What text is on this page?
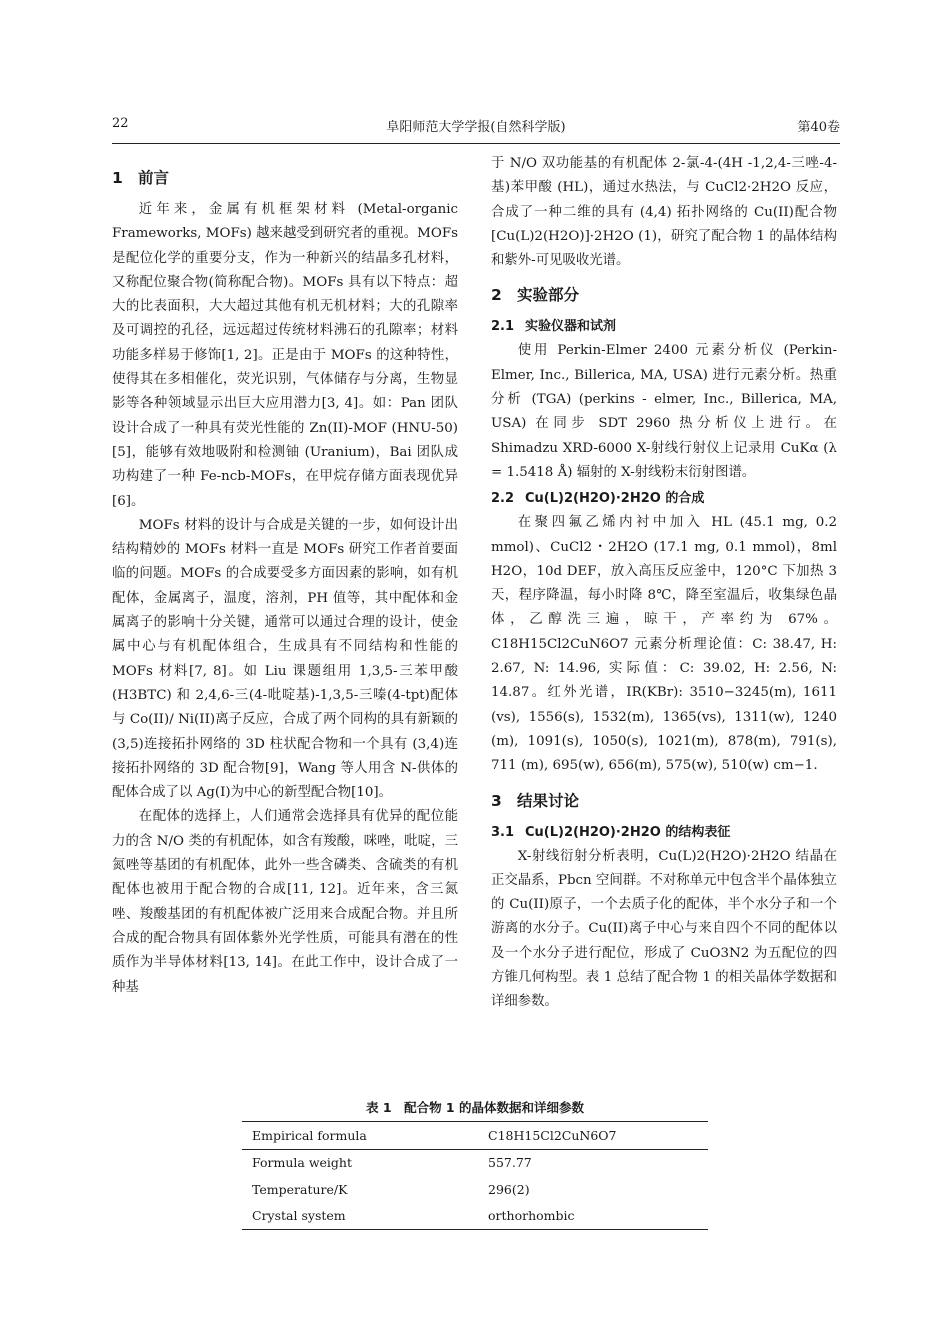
22	阜阳师范大学学报(自然科学版)	第40卷
1 前言

近年来，金属有机框架材料 (Metal-organic Frameworks, MOFs) 越来越受到研究者的重视。MOFs 是配位化学的重要分支，作为一种新兴的结晶多孔材料，又称配位聚合物(简称配合物)。MOFs 具有以下特点：超大的比表面积，大大超过其他有机无机材料；大的孔隙率及可调控的孔径，远远超过传统材料沸石的孔隙率；材料功能多样易于修饰[1, 2]。正是由于 MOFs 的这种特性，使得其在多相催化，荧光识别，气体储存与分离，生物显影等各种领域显示出巨大应用潜力[3, 4]。如：Pan 团队设计合成了一种具有荧光性能的 Zn(II)-MOF (HNU-50)[5]，能够有效地吸附和检测铀 (Uranium)，Bai 团队成功构建了一种 Fe-ncb-MOFs，在甲烷存储方面表现优异[6]。

MOFs 材料的设计与合成是关键的一步，如何设计出结构精妙的 MOFs 材料一直是 MOFs 研究工作者首要面临的问题。MOFs 的合成要受多方面因素的影响，如有机配体，金属离子，温度，溶剂，PH 值等，其中配体和金属离子的影响十分关键，通常可以通过合理的设计，使金属中心与有机配体组合，生成具有不同结构和性能的 MOFs 材料[7, 8]。如 Liu 课题组用 1,3,5-三苯甲酸 (H3BTC) 和 2,4,6-三(4-吡啶基)-1,3,5-三嗪(4-tpt)配体与 Co(II)/ Ni(II)离子反应，合成了两个同构的具有新颖的(3,5)连接拓扑网络的 3D 柱状配合物和一个具有 (3,4)连接拓扑网络的 3D 配合物[9]，Wang 等人用含 N-供体的配体合成了以 Ag(I)为中心的新型配合物[10]。

在配体的选择上，人们通常会选择具有优异的配位能力的含 N/O 类的有机配体，如含有羧酸，咪唑，吡啶，三氮唑等基团的有机配体，此外一些含磷类、含硫类的有机配体也被用于配合物的合成[11, 12]。近年来，含三氮唑、羧酸基团的有机配体被广泛用来合成配合物。并且所合成的配合物具有固体紫外光学性质，可能具有潜在的性质作为半导体材料[13, 14]。在此工作中，设计合成了一种基

于 N/O 双功能基的有机配体 2-氯-4-(4H -1,2,4-三唑-4-基)苯甲酸 (HL)，通过水热法，与 CuCl2·2H2O 反应，合成了一种二维的具有 (4,4) 拓扑网络的 Cu(II)配合物[Cu(L)2(H2O)]·2H2O (1)，研究了配合物 1 的晶体结构和紫外-可见吸收光谱。

2 实验部分
2.1 实验仪器和试剂

使用 Perkin-Elmer 2400 元素分析仪 (Perkin-Elmer, Inc., Billerica, MA, USA) 进行元素分析。热重分析 (TGA) (perkins - elmer, Inc., Billerica, MA, USA) 在同步 SDT 2960 热分析仪上进行。在 Shimadzu XRD-6000 X-射线行射仪上记录用 CuKα (λ = 1.5418 Å) 辐射的 X-射线粉末衍射图谱。

2.2 Cu(L)2(H2O)·2H2O 的合成

在聚四氟乙烯内衬中加入 HL (45.1 mg, 0.2 mmol)、CuCl2・2H2O (17.1 mg, 0.1 mmol)，8ml H2O，10d DEF，放入高压反应釜中，120°C 下加热 3 天，程序降温，每小时降 8℃，降至室温后，收集绿色晶体，乙醇洗三遍，晾干，产率约为 67%。C18H15Cl2CuN6O7 元素分析理论值：C: 38.47, H: 2.67, N: 14.96, 实际值：C: 39.02, H: 2.56, N: 14.87。红外光谱，IR(KBr): 3510−3245(m), 1611 (vs), 1556(s), 1532(m), 1365(vs), 1311(w), 1240 (m), 1091(s), 1050(s), 1021(m), 878(m), 791(s), 711 (m), 695(w), 656(m), 575(w), 510(w) cm−1.

3 结果讨论
3.1 Cu(L)2(H2O)·2H2O 的结构表征

X-射线衍射分析表明，Cu(L)2(H2O)·2H2O 结晶在正交晶系，Pbcn 空间群。不对称单元中包含半个晶体独立的 Cu(II)原子，一个去质子化的配体，半个水分子和一个游离的水分子。Cu(II)离子中心与来自四个不同的配体以及一个水分子进行配位，形成了 CuO3N2 为五配位的四方锥几何构型。表 1 总结了配合物 1 的相关晶体学数据和详细参数。

表 1　配合物 1 的晶体数据和详细参数
Empirical formula	C18H15Cl2CuN6O7
Formula weight	557.77
Temperature/K	296(2)
Crystal system	orthorhombic
